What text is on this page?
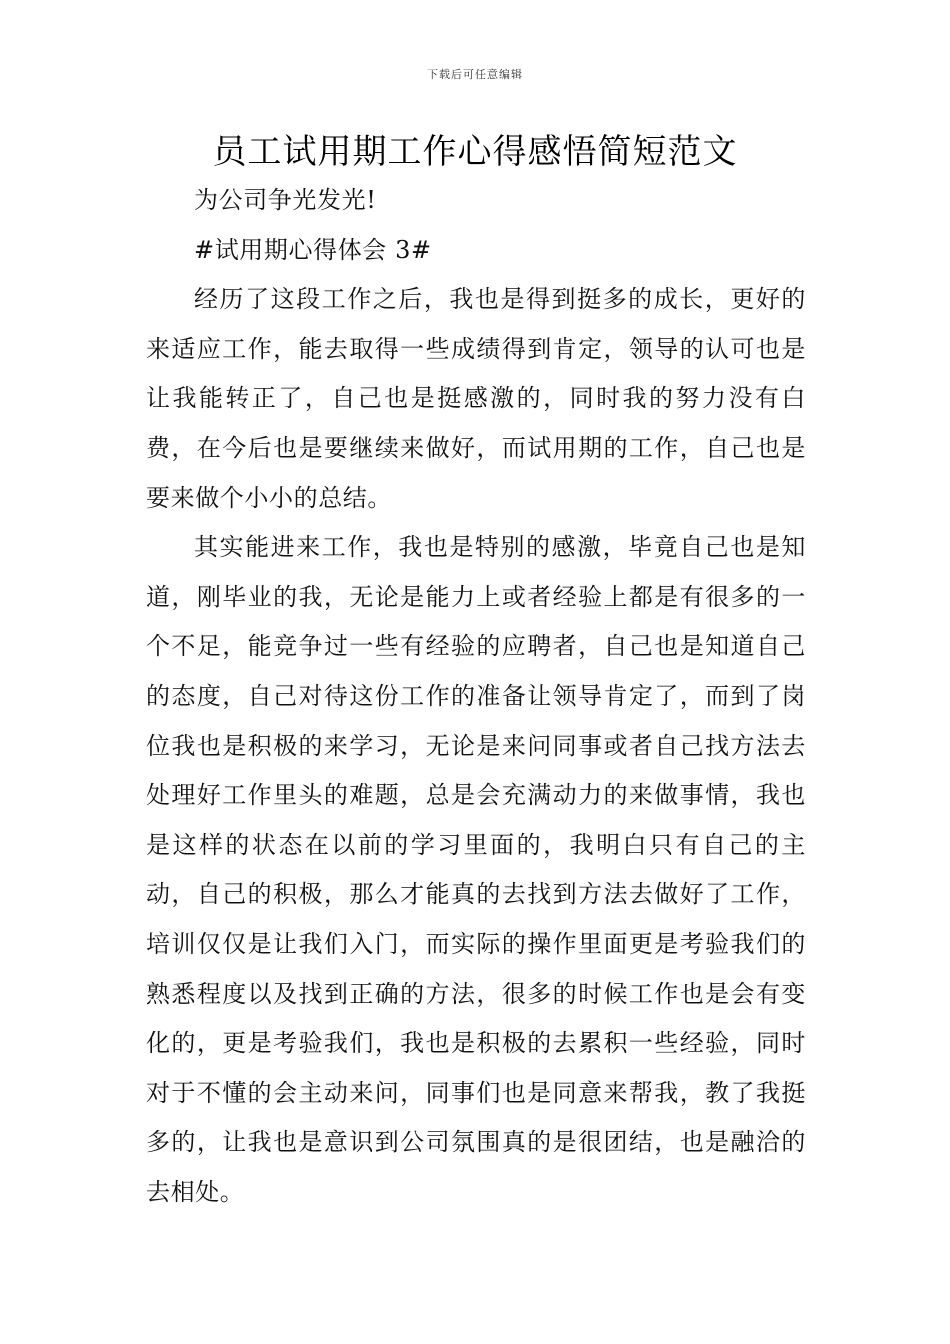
下载后可任意编辑
员工试用期工作心得感悟简短范文

为公司争光发光!

#试用期心得体会 3#

经历了这段工作之后，我也是得到挺多的成长，更好的来适应工作，能去取得一些成绩得到肯定，领导的认可也是让我能转正了，自己也是挺感激的，同时我的努力没有白费，在今后也是要继续来做好，而试用期的工作，自己也是要来做个小小的总结。

其实能进来工作，我也是特别的感激，毕竟自己也是知道，刚毕业的我，无论是能力上或者经验上都是有很多的一个不足，能竞争过一些有经验的应聘者，自己也是知道自己的态度，自己对待这份工作的准备让领导肯定了，而到了岗位我也是积极的来学习，无论是来问同事或者自己找方法去处理好工作里头的难题，总是会充满动力的来做事情，我也是这样的状态在以前的学习里面的，我明白只有自己的主动，自己的积极，那么才能真的去找到方法去做好了工作，培训仅仅是让我们入门，而实际的操作里面更是考验我们的熟悉程度以及找到正确的方法，很多的时候工作也是会有变化的，更是考验我们，我也是积极的去累积一些经验，同时对于不懂的会主动来问，同事们也是同意来帮我，教了我挺多的，让我也是意识到公司氛围真的是很团结，也是融洽的去相处。
